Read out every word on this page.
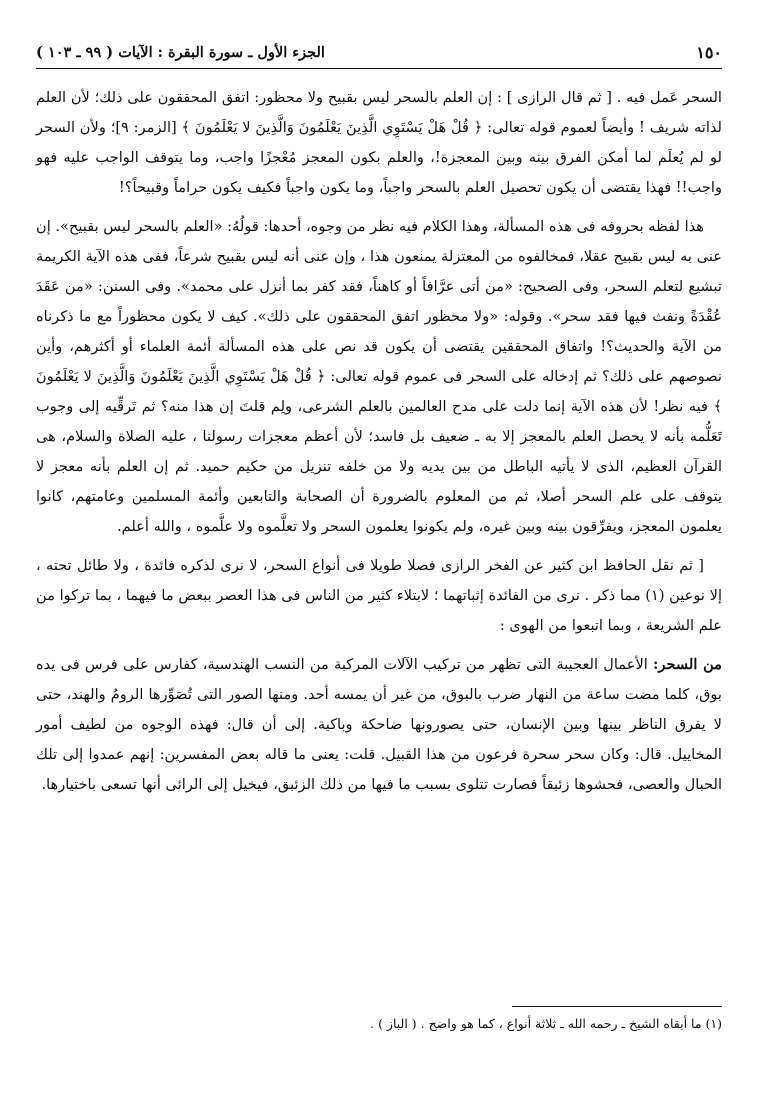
١٥٠
الجزء الأول ـ سورة البقرة : الآيات ( ٩٩ ـ ١٠٣ )

السحر عَمل فيه . [ ثم قال الرازى ] : إن العلم بالسحر ليس بقبيح ولا محظور: اتفق المحققون على ذلك؛ لأن العلم لذاته شريف ! وأيضاً لعموم قوله تعالى: ﴿ قُلْ هَلْ يَسْتَوِي الَّذِينَ يَعْلَمُونَ وَالَّذِينَ لا يَعْلَمُونَ ﴾ [الزمر: ٩]؛ ولأن السحر لو لم يُعلَم لما أمكن الفرق بينه وبين المعجزة!، والعلم بكون المعجز مُعْجزًا واجب، وما يتوقف الواجب عليه فهو واجب!! فهذا يقتضى أن يكون تحصيل العلم بالسحر واجباً، وما يكون واجباً فكيف يكون حراماً وقبيحاً؟!

هذا لفظه بحروفه فى هذه المسألة، وهذا الكلام فيه نظر من وجوه، أحدها: قولُهُ: «العلم بالسحر ليس بقبيح». إن عنى به ليس بقبيح عقلا، فمخالفوه من المعتزلة يمنعون هذا ، وإن عنى أنه ليس بقبيح شرعاً، ففى هذه الآية الكريمة تبشيع لتعلم السحر، وفى الصحيح: «من أتى عرَّافاً أو كاهناً، فقد كفر بما أنزل على محمد». وفى السنن: «من عَقَدَ عُقْدَةً ونفث فيها فقد سحر». وقوله: «ولا محظور اتفق المحققون على ذلك». كيف لا يكون محظوراً مع ما ذكرناه من الآية والحديث؟! واتفاق المحققين يقتضى أن يكون قد نص على هذه المسألة أئمة العلماء أو أكثرهم، وأين نصوصهم على ذلك؟ ثم إدخاله على السحر فى عموم قوله تعالى: ﴿ قُلْ هَلْ يَسْتَوِي الَّذِينَ يَعْلَمُونَ وَالَّذِينَ لا يَعْلَمُونَ ﴾ فيه نظر! لأن هذه الآية إنما دلت على مدح العالمين بالعلم الشرعى، ولِم قلتَ إن هذا منه؟ ثم تَرقِّيه إلى وجوب تَعَلُّمه بأنه لا يحصل العلم بالمعجز إلا به ـ ضعيف بل فاسد؛ لأن أعظم معجزات رسولنا ، عليه الصلاة والسلام، هى القرآن العظيم، الذى لا يأتيه الباطل من بين يديه ولا من خلفه تنزيل من حكيم حميد. ثم إن العلم بأنه معجز لا يتوقف على علم السحر أصلا، ثم من المعلوم بالضرورة أن الصحابة والتابعين وأئمة المسلمين وعامتهم، كانوا يعلمون المعجز، ويفرِّقون بينه وبين غيره، ولم يكونوا يعلمون السحر ولا تعلَّموه ولا علَّموه ، والله أعلم.

[ ثم نقل الحافظ ابن كثير عن الفخر الرازى فصلا طويلا فى أنواع السحر، لا نرى لذكره فائدة ، ولا طائل تحته ، إلا نوعين (١) مما ذكر . نرى من الفائدة إثباتهما ؛ لابتلاء كثير من الناس فى هذا العصر ببعض ما فيهما ، بما تركوا من علم الشريعة ، وبما اتبعوا من الهوى :

من السحر: الأعمال العجيبة التى تظهر من تركيب الآلات المركبة من النسب الهندسية، كفارس على فرس فى يده بوق، كلما مضت ساعة من النهار ضرب بالبوق، من غير أن يمسه أحد. ومنها الصور التى تُصَوِّرها الرومُ والهند، حتى لا يفرق الناظر بينها وبين الإنسان، حتى يصورونها ضاحكة وباكية. إلى أن قال: فهذه الوجوه من لطيف أمور المخاييل. قال: وكان سحر سحرة فرعون من هذا القبيل. قلت: يعنى ما قاله بعض المفسرين: إنهم عمدوا إلى تلك الحبال والعصى، فحشوها زئبقاً فصارت تتلوى بسبب ما فيها من ذلك الزئبق، فيخيل إلى الرائى أنها تسعى باختيارها.

(١) ما أبقاه الشيخ ـ رحمه الله ـ ثلاثة أنواع ، كما هو واضح . ( الباز ) .
